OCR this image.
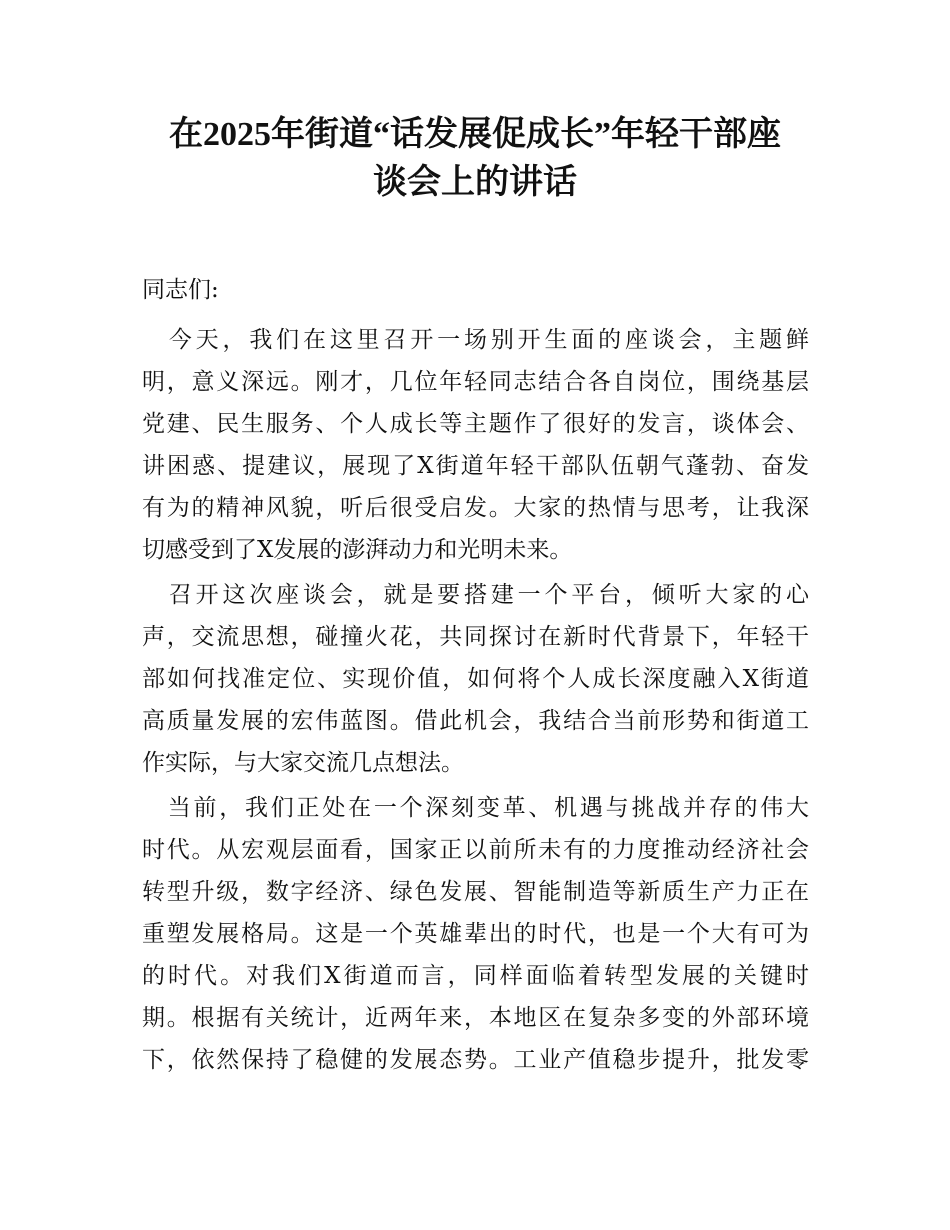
在2025年街道“话发展促成长”年轻干部座
谈会上的讲话
同志们:
　今天，我们在这里召开一场别开生面的座谈会，主题鲜
明，意义深远。刚才，几位年轻同志结合各自岗位，围绕基层
党建、民生服务、个人成长等主题作了很好的发言，谈体会、
讲困惑、提建议，展现了X街道年轻干部队伍朝气蓬勃、奋发
有为的精神风貌，听后很受启发。大家的热情与思考，让我深
切感受到了X发展的澎湃动力和光明未来。
　召开这次座谈会，就是要搭建一个平台，倾听大家的心
声，交流思想，碰撞火花，共同探讨在新时代背景下，年轻干
部如何找准定位、实现价值，如何将个人成长深度融入X街道
高质量发展的宏伟蓝图。借此机会，我结合当前形势和街道工
作实际，与大家交流几点想法。
　当前，我们正处在一个深刻变革、机遇与挑战并存的伟大
时代。从宏观层面看，国家正以前所未有的力度推动经济社会
转型升级，数字经济、绿色发展、智能制造等新质生产力正在
重塑发展格局。这是一个英雄辈出的时代，也是一个大有可为
的时代。对我们X街道而言，同样面临着转型发展的关键时
期。根据有关统计，近两年来，本地区在复杂多变的外部环境
下，依然保持了稳健的发展态势。工业产值稳步提升，批发零
